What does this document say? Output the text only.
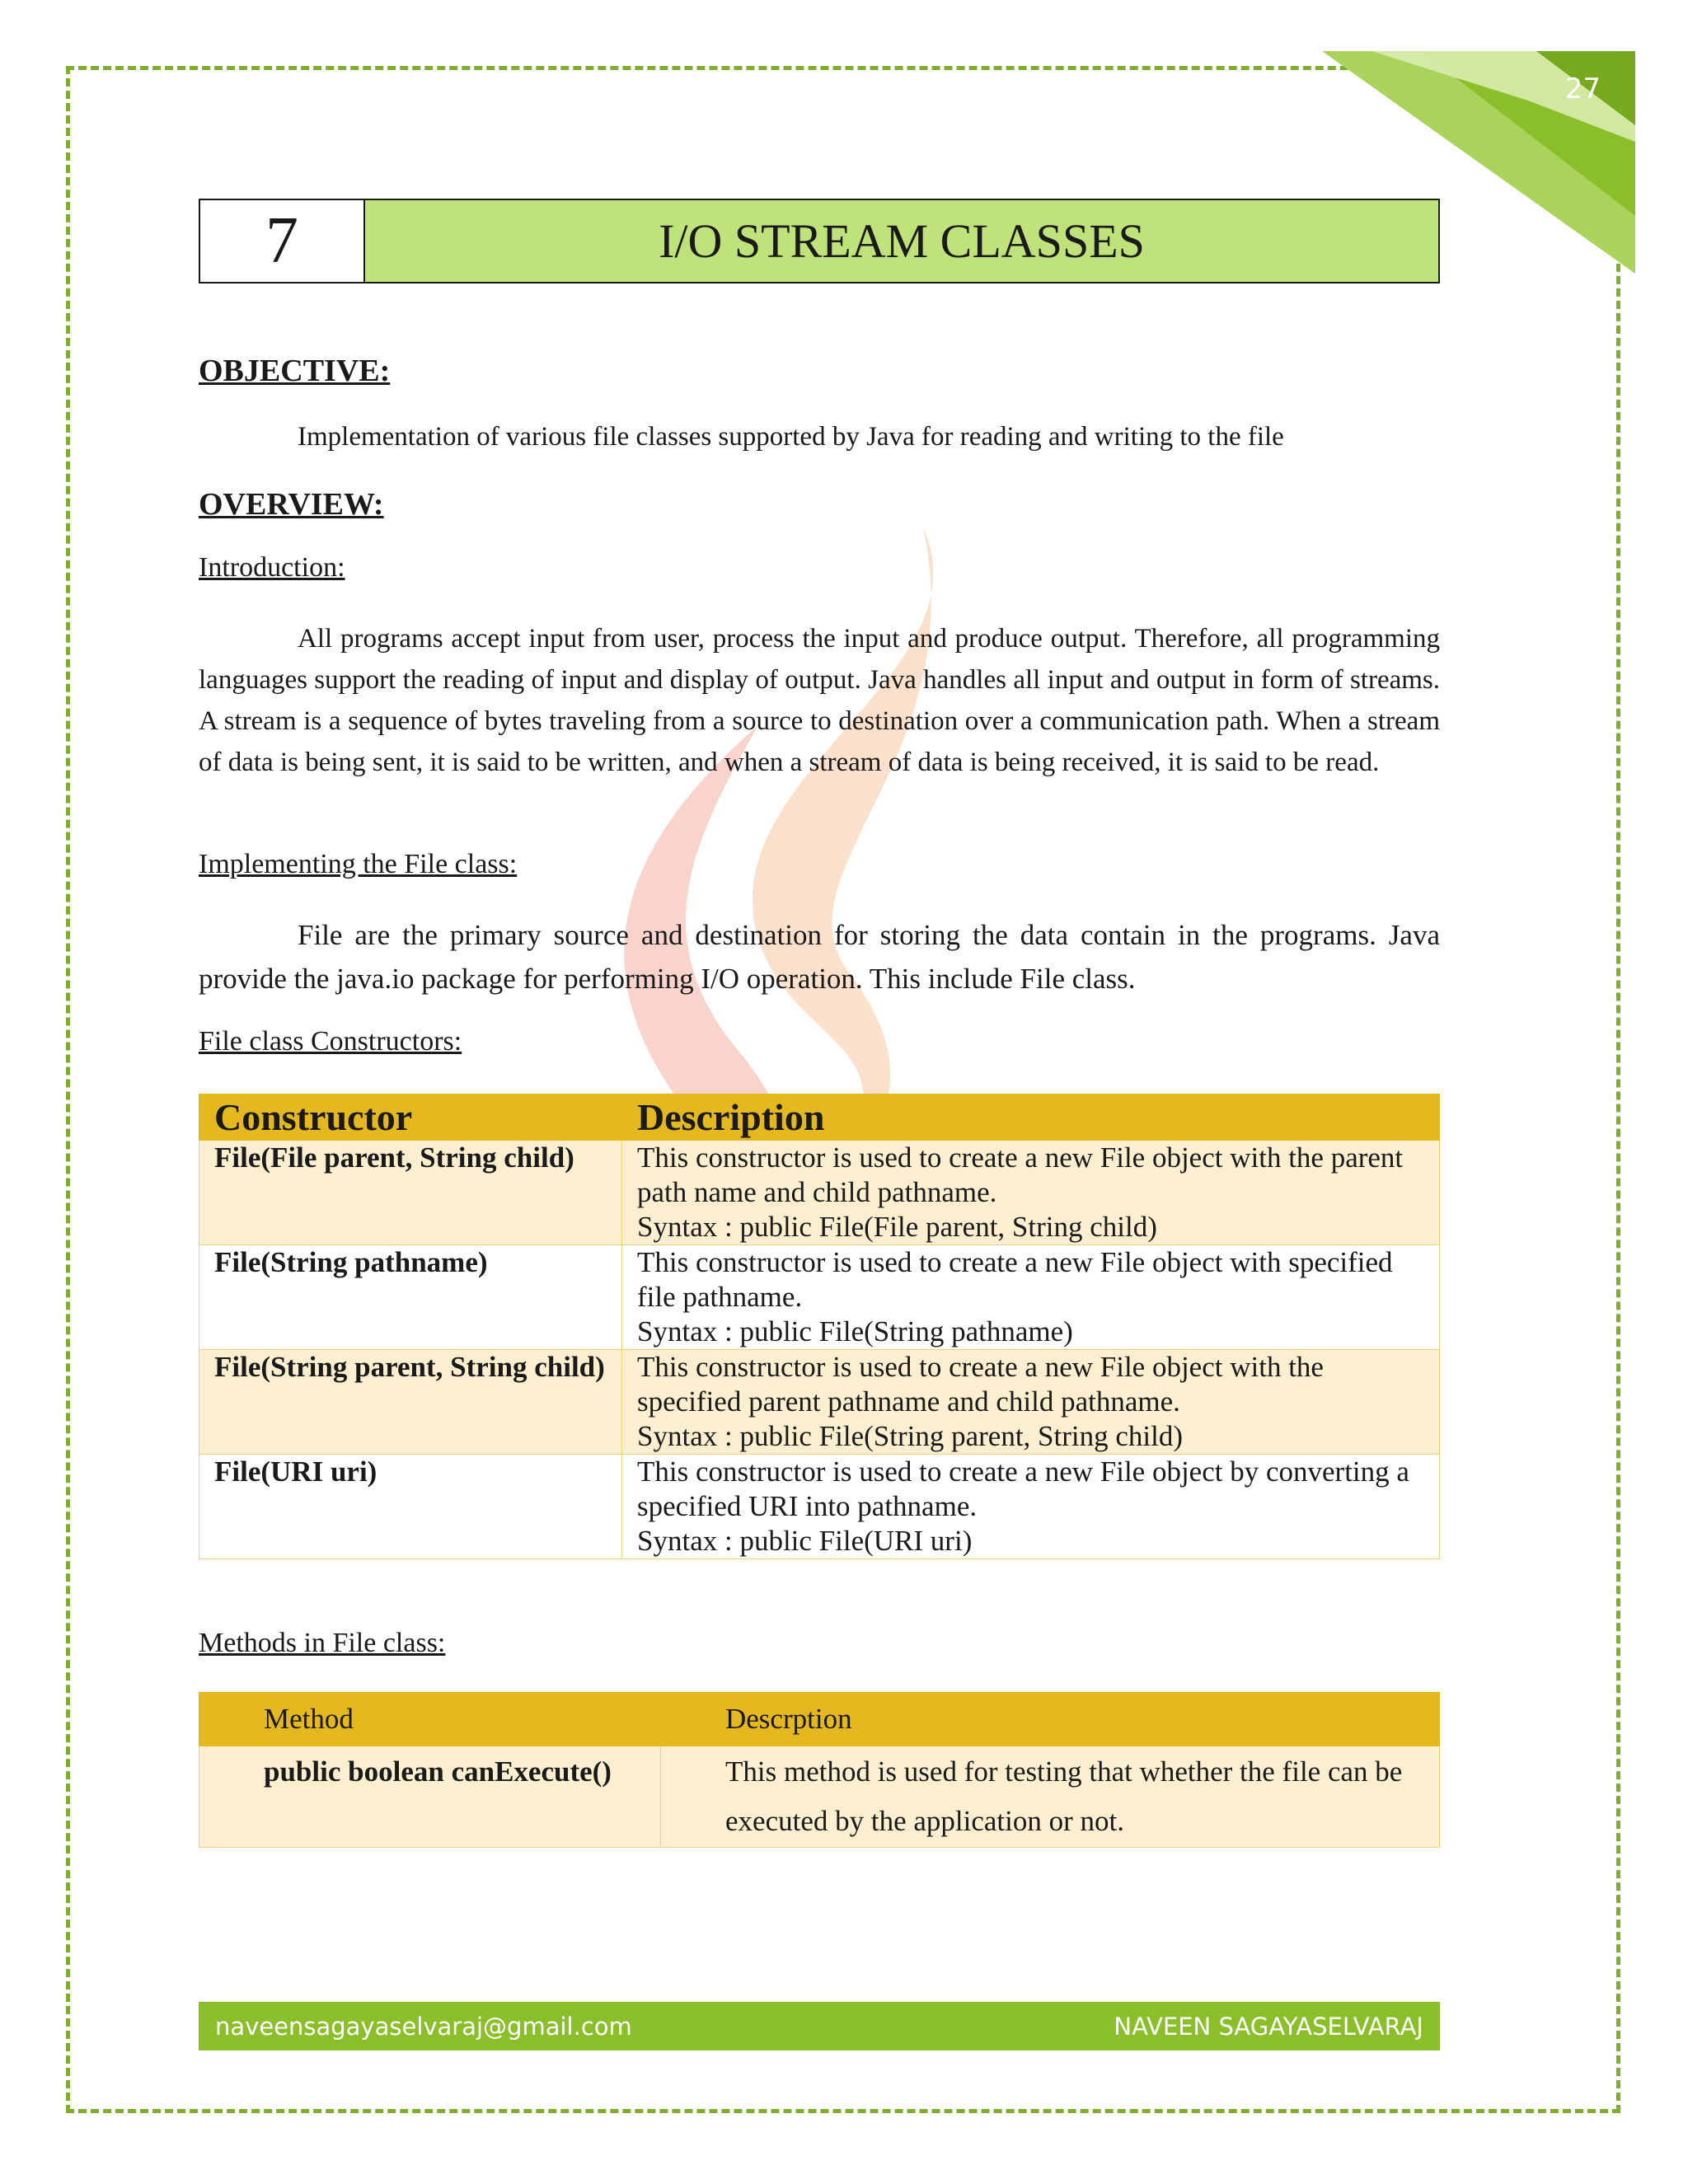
27
7	I/O STREAM CLASSES
OBJECTIVE:
Implementation of various file classes supported by Java for reading and writing to the file
OVERVIEW:
Introduction:
All programs accept input from user, process the input and produce output. Therefore, all programming languages support the reading of input and display of output. Java handles all input and output in form of streams. A stream is a sequence of bytes traveling from a source to destination over a communication path. When a stream of data is being sent, it is said to be written, and when a stream of data is being received, it is said to be read.
Implementing the File class:
File are the primary source and destination for storing the data contain in the programs. Java provide the java.io package for performing I/O operation. This include File class.
File class Constructors:
Constructor	Description
File(File parent, String child)	This constructor is used to create a new File object with the parent path name and child pathname.
Syntax : public File(File parent, String child)
File(String pathname)	This constructor is used to create a new File object with specified file pathname.
Syntax : public File(String pathname)
File(String parent, String child)	This constructor is used to create a new File object with the specified parent pathname and child pathname.
Syntax : public File(String parent, String child)
File(URI uri)	This constructor is used to create a new File object by converting a specified URI into pathname.
Syntax : public File(URI uri)
Methods in File class:
Method	Descrption
public boolean canExecute()	This method is used for testing that whether the file can be executed by the application or not.
naveensagayaselvaraj@gmail.com	NAVEEN SAGAYASELVARAJ
